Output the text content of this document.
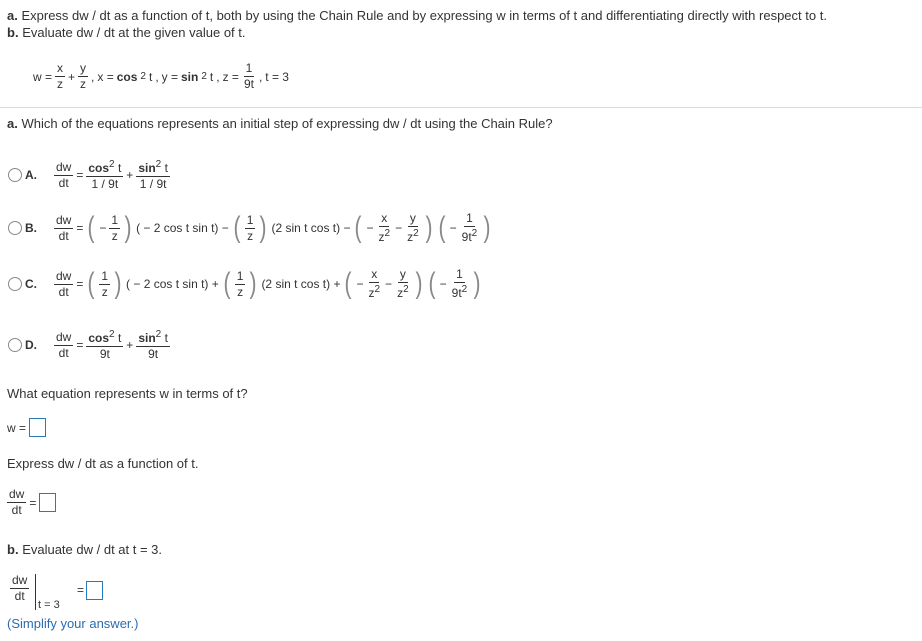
a. Express dw / dt as a function of t, both by using the Chain Rule and by expressing w in terms of t and differentiating directly with respect to t.
b. Evaluate dw / dt at the given value of t.
$w = \frac{x}{z} + \frac{y}{z}$ , x = cos 2 t , y = sin 2 t , $z = \frac{1}{9t}$ , t = 3
a. Which of the equations represents an initial step of expressing dw / dt using the Chain Rule?
A. $\frac{dw}{dt} = \frac{\cos^2 t}{1 / 9t} + \frac{\sin^2 t}{1 / 9t}$
B. $\frac{dw}{dt}$ = ( − $\frac{1}{z}$ ) ( − 2 cos t sin t) − ( $\frac{1}{z}$ ) (2 sin t cos t) − ( − $\frac{x}{z^2} - \frac{y}{z^2}$ ) ( − $\frac{1}{9t^2}$ )
C. $\frac{dw}{dt}$ = ( $\frac{1}{z}$ ) ( − 2 cos t sin t) + ( $\frac{1}{z}$ ) (2 sin t cos t) + ( − $\frac{x}{z^2} - \frac{y}{z^2}$ ) ( − $\frac{1}{9t^2}$ )
D. $\frac{dw}{dt} = \frac{\cos^2 t}{9t} + \frac{\sin^2 t}{9t}$
What equation represents w in terms of t?
w =
Express dw / dt as a function of t.
$\frac{dw}{dt}$ =
b. Evaluate dw / dt at t = 3.
$\frac{dw}{dt}$
t = 3
=
(Simplify your answer.)
